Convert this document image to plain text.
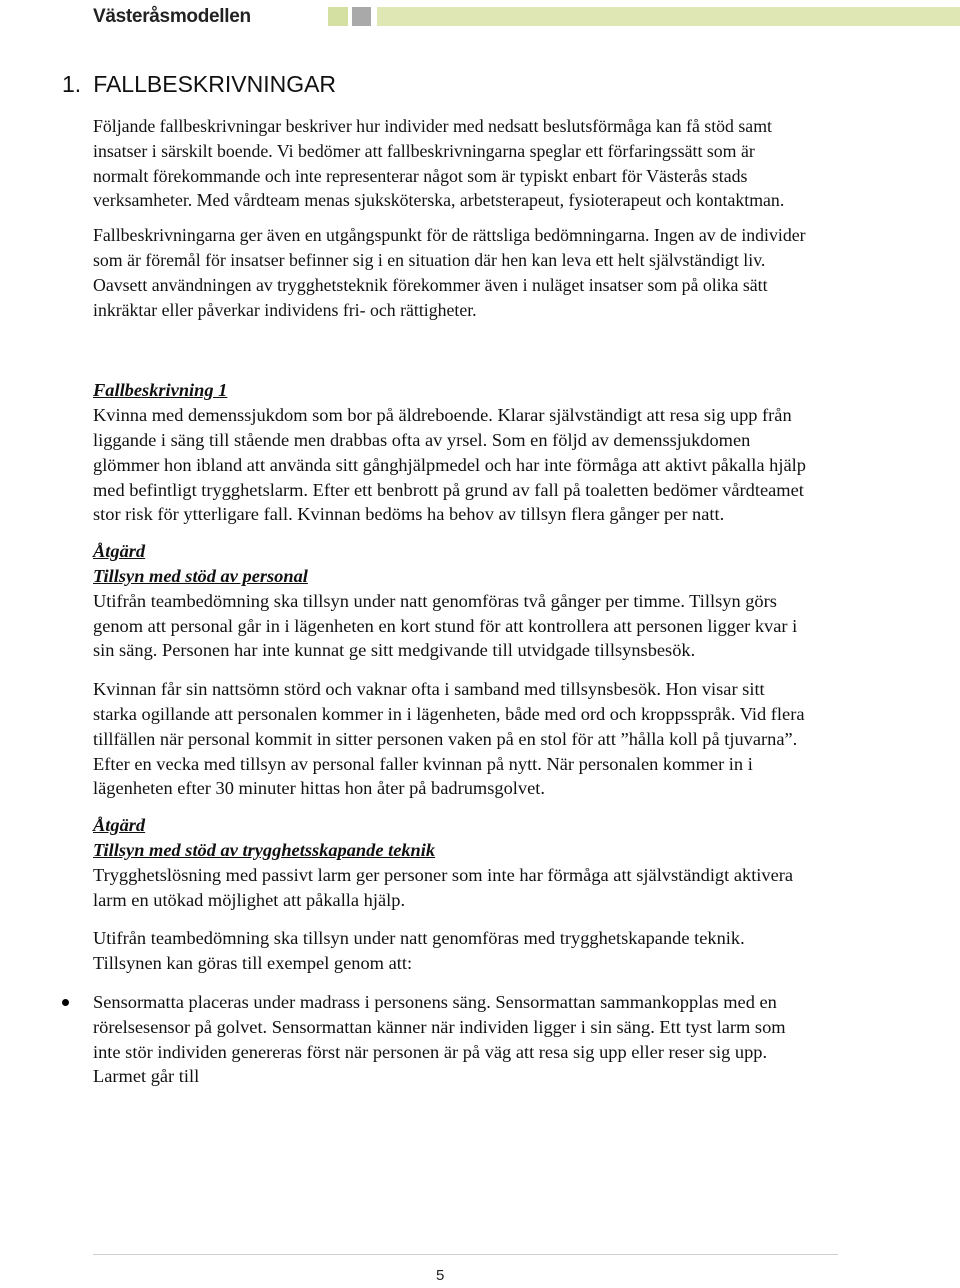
Västeråsmodellen
1. FALLBESKRIVNINGAR

Följande fallbeskrivningar beskriver hur individer med nedsatt beslutsförmåga kan få stöd samt insatser i särskilt boende. Vi bedömer att fallbeskrivningarna speglar ett förfaringssätt som är normalt förekommande och inte representerar något som är typiskt enbart för Västerås stads verksamheter. Med vårdteam menas sjuksköterska, arbetsterapeut, fysioterapeut och kontaktman.

Fallbeskrivningarna ger även en utgångspunkt för de rättsliga bedömningarna. Ingen av de individer som är föremål för insatser befinner sig i en situation där hen kan leva ett helt självständigt liv. Oavsett användningen av trygghetsteknik förekommer även i nuläget insatser som på olika sätt inkräktar eller påverkar individens fri- och rättigheter.

Fallbeskrivning 1

Kvinna med demenssjukdom som bor på äldreboende. Klarar självständigt att resa sig upp från liggande i säng till stående men drabbas ofta av yrsel. Som en följd av demenssjukdomen glömmer hon ibland att använda sitt gånghjälpmedel och har inte förmåga att aktivt påkalla hjälp med befintligt trygghetslarm. Efter ett benbrott på grund av fall på toaletten bedömer vårdteamet stor risk för ytterligare fall. Kvinnan bedöms ha behov av tillsyn flera gånger per natt.

Åtgärd

Tillsyn med stöd av personal

Utifrån teambedömning ska tillsyn under natt genomföras två gånger per timme. Tillsyn görs genom att personal går in i lägenheten en kort stund för att kontrollera att personen ligger kvar i sin säng. Personen har inte kunnat ge sitt medgivande till utvidgade tillsynsbesök.

Kvinnan får sin nattsömn störd och vaknar ofta i samband med tillsynsbesök. Hon visar sitt starka ogillande att personalen kommer in i lägenheten, både med ord och kroppsspråk. Vid flera tillfällen när personal kommit in sitter personen vaken på en stol för att ”hålla koll på tjuvarna”. Efter en vecka med tillsyn av personal faller kvinnan på nytt. När personalen kommer in i lägenheten efter 30 minuter hittas hon åter på badrumsgolvet.

Åtgärd

Tillsyn med stöd av trygghetsskapande teknik

Trygghetslösning med passivt larm ger personer som inte har förmåga att självständigt aktivera larm en utökad möjlighet att påkalla hjälp.

Utifrån teambedömning ska tillsyn under natt genomföras med trygghetskapande teknik. Tillsynen kan göras till exempel genom att:

Sensormatta placeras under madrass i personens säng. Sensormattan sammankopplas med en rörelsesensor på golvet. Sensormattan känner när individen ligger i sin säng. Ett tyst larm som inte stör individen genereras först när personen är på väg att resa sig upp eller reser sig upp. Larmet går till

5
